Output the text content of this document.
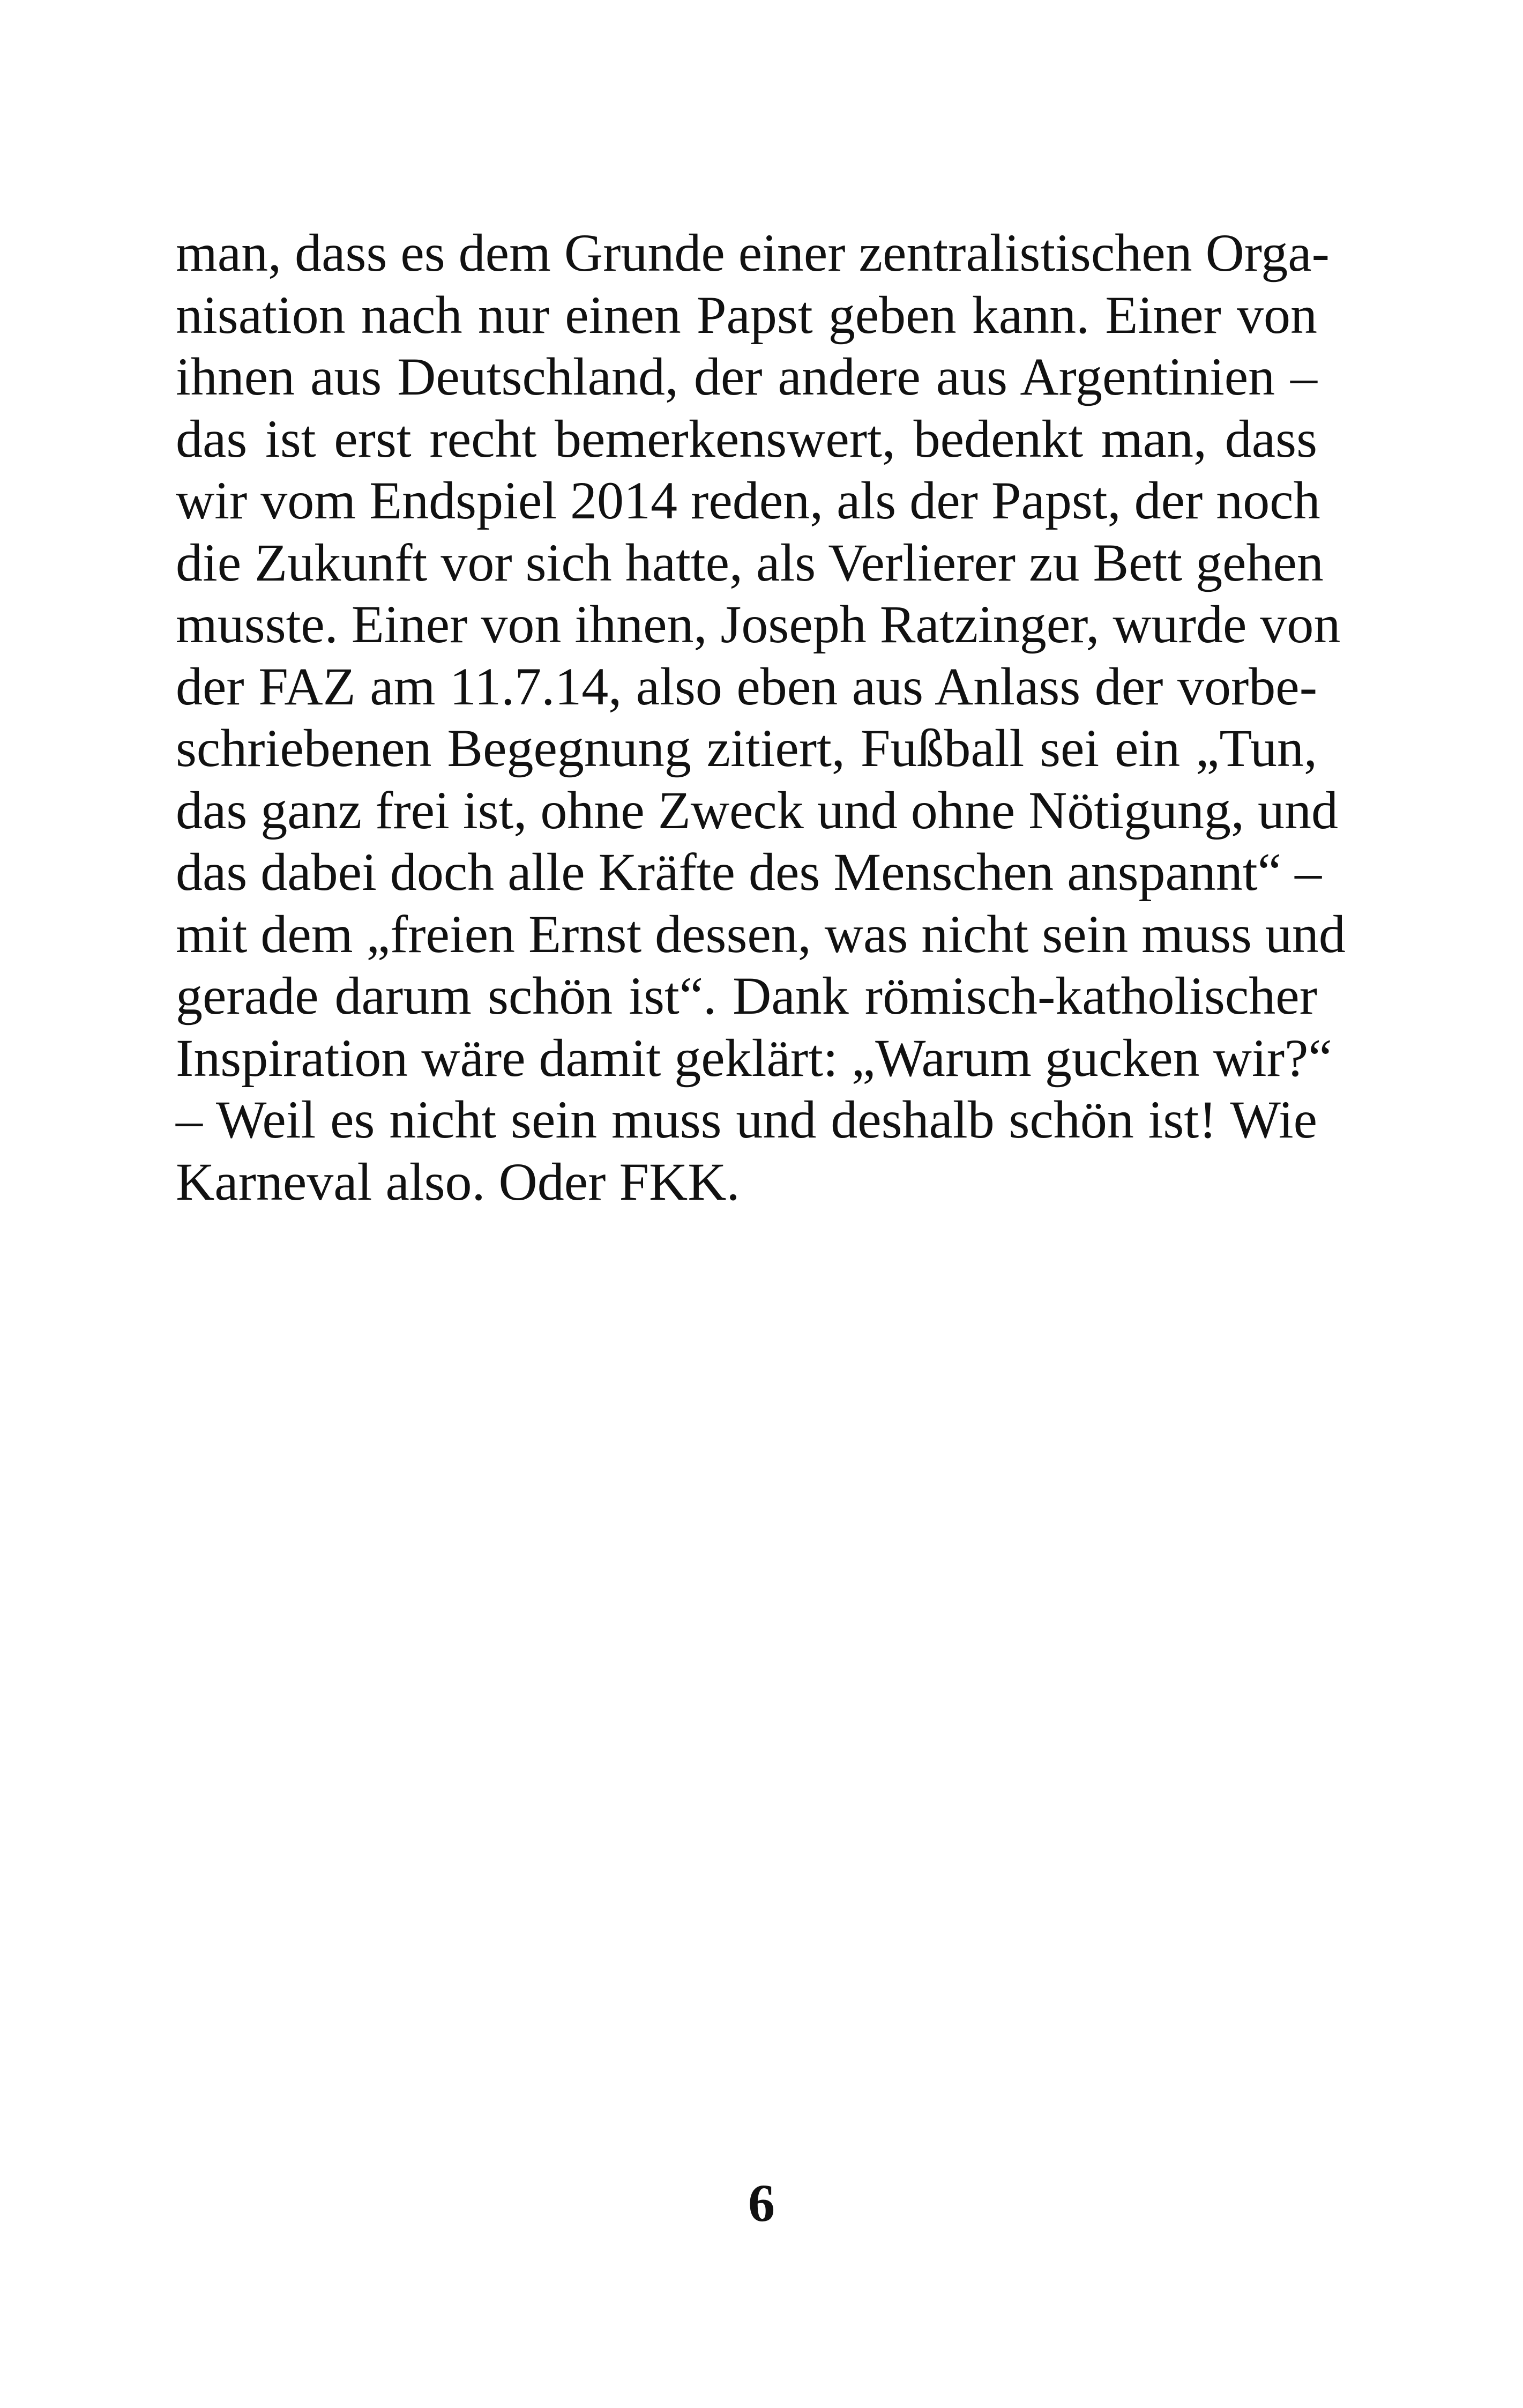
man, dass es dem Grunde einer zentralistischen Orga-
nisation nach nur einen Papst geben kann. Einer von
ihnen aus Deutschland, der andere aus Argentinien –
das ist erst recht bemerkenswert, bedenkt man, dass
wir vom Endspiel 2014 reden, als der Papst, der noch
die Zukunft vor sich hatte, als Verlierer zu Bett gehen
musste. Einer von ihnen, Joseph Ratzinger, wurde von
der FAZ am 11.7.14, also eben aus Anlass der vorbe-
schriebenen Begegnung zitiert, Fußball sei ein „Tun,
das ganz frei ist, ohne Zweck und ohne Nötigung, und
das dabei doch alle Kräfte des Menschen anspannt“ –
mit dem „freien Ernst dessen, was nicht sein muss und
gerade darum schön ist“. Dank römisch-katholischer
Inspiration wäre damit geklärt: „Warum gucken wir?“
– Weil es nicht sein muss und deshalb schön ist! Wie
Karneval also. Oder FKK.
6
